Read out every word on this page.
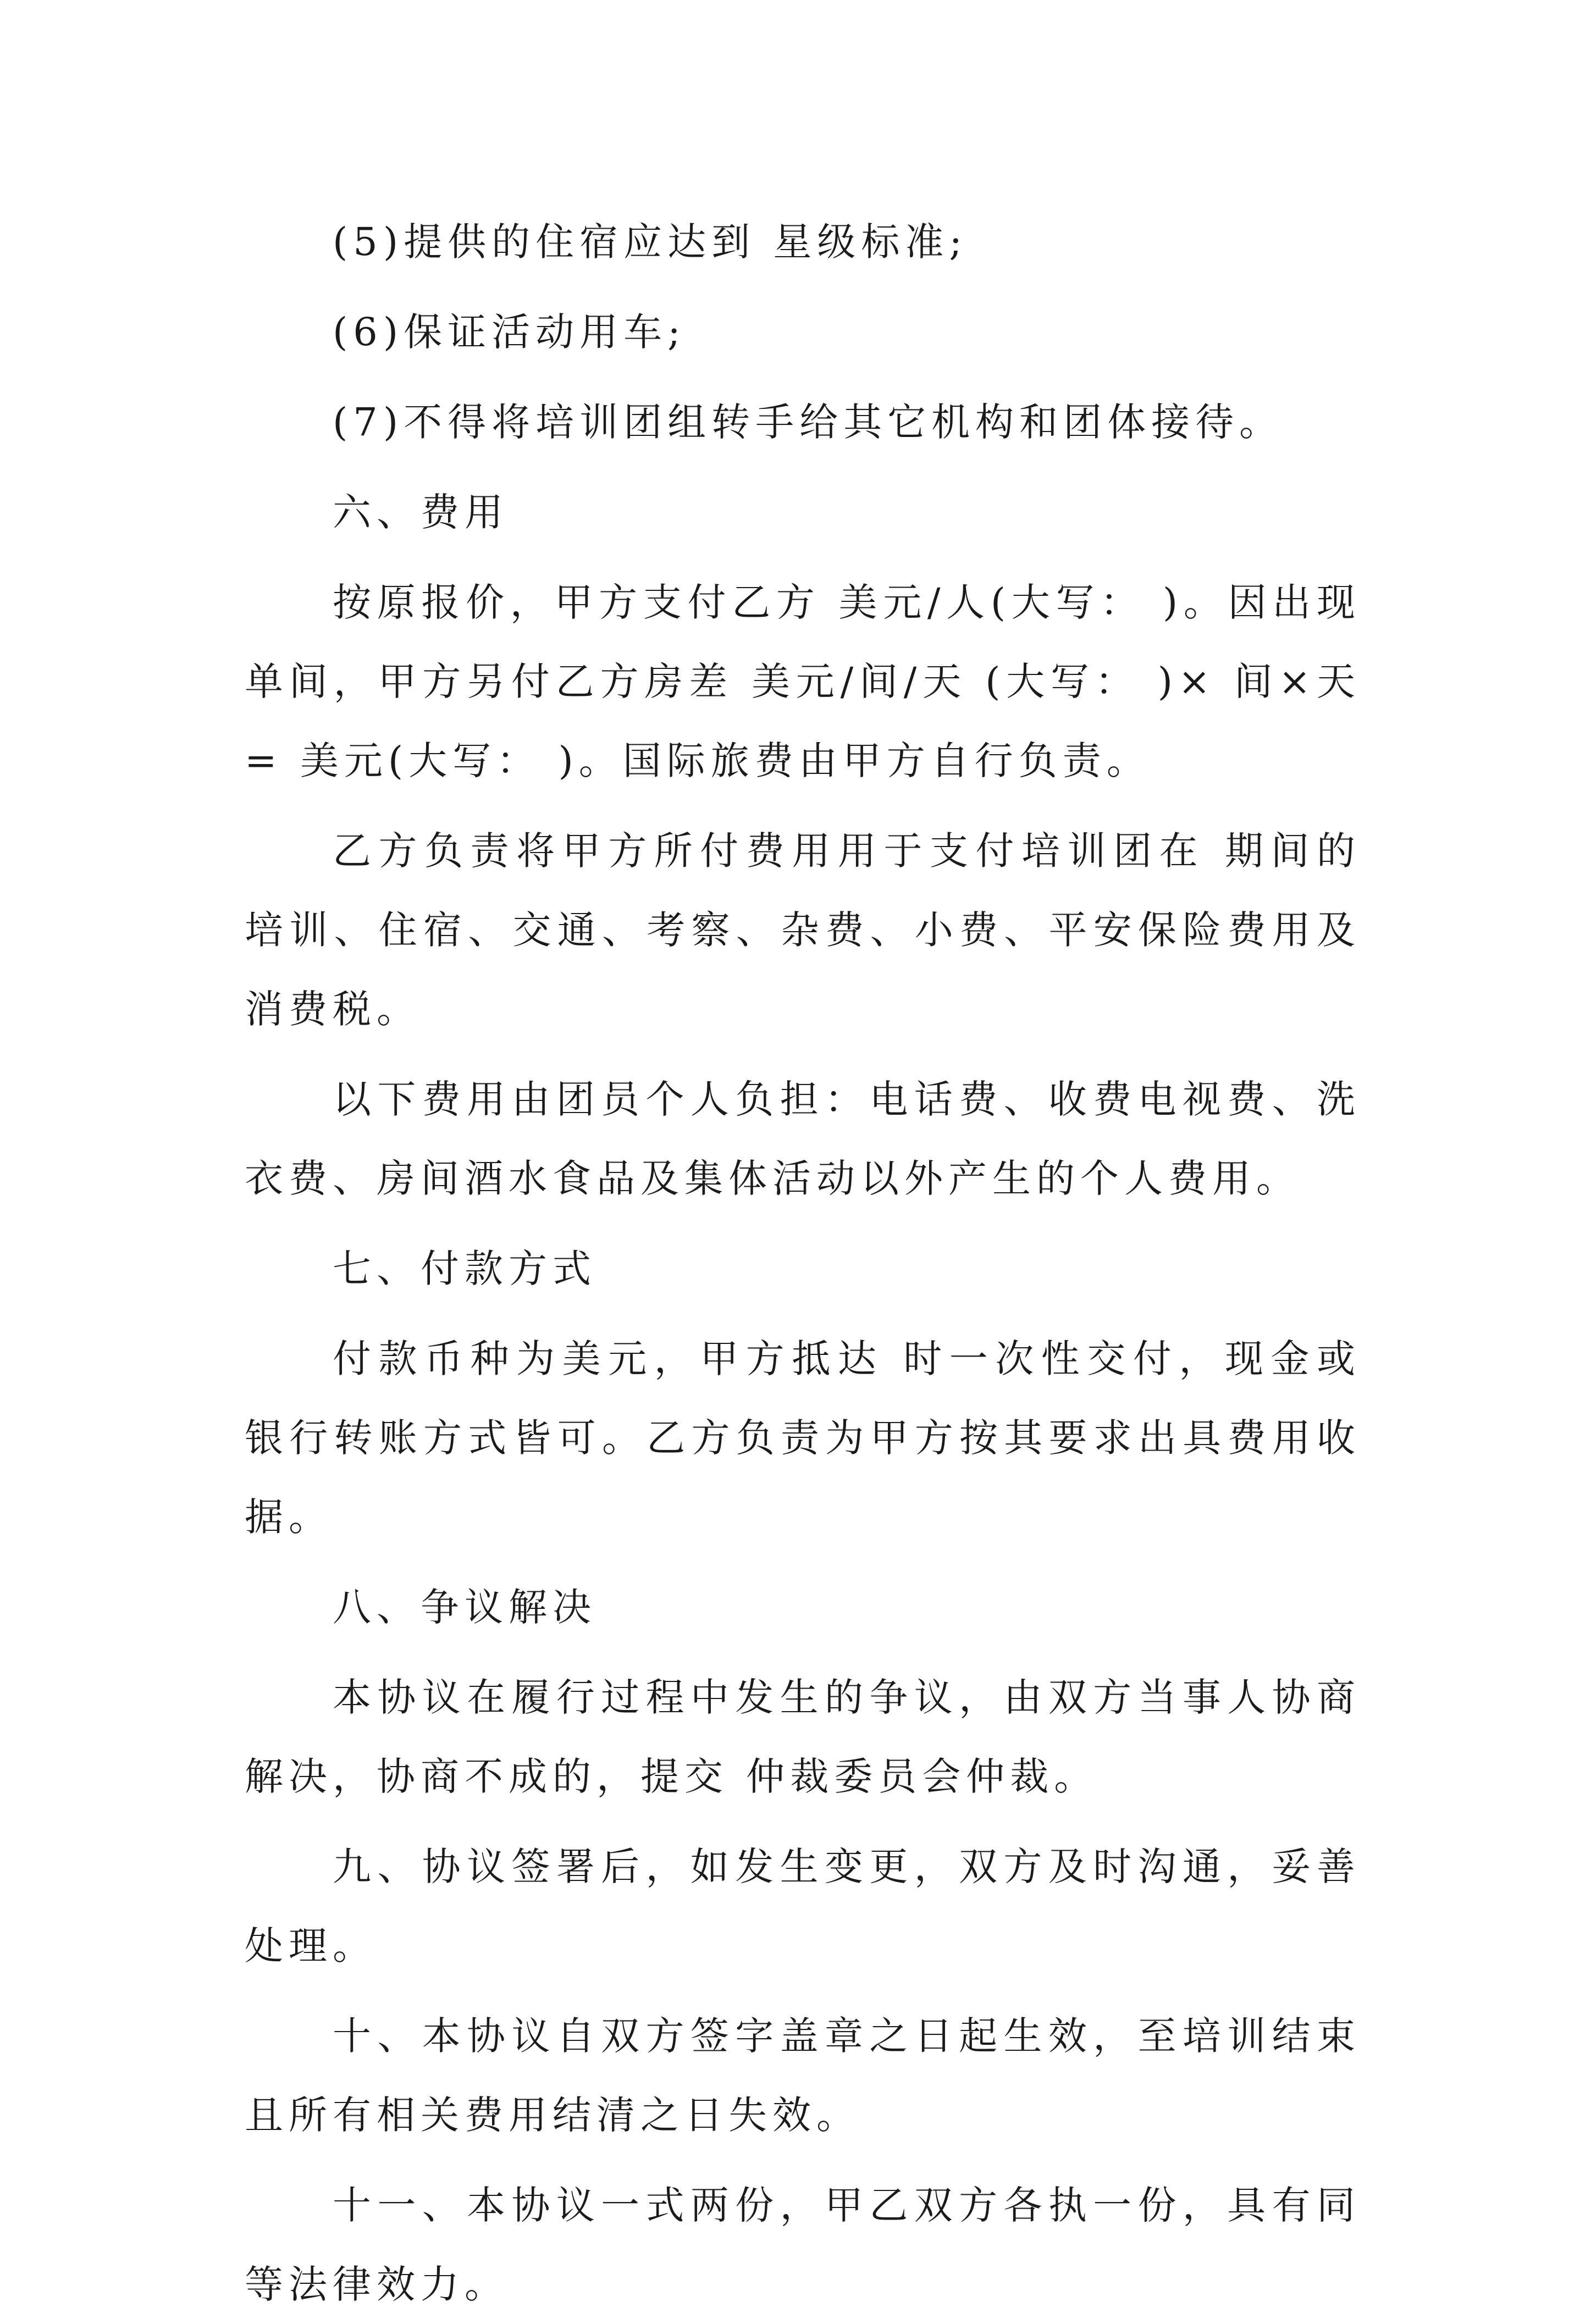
(5)提供的住宿应达到 星级标准;

(6)保证活动用车;

(7)不得将培训团组转手给其它机构和团体接待。

六、费用

按原报价，甲方支付乙方 美元/人(大写： )。因出现单间，甲方另付乙方房差 美元/间/天 (大写： )× 间×天= 美元(大写： )。国际旅费由甲方自行负责。

乙方负责将甲方所付费用用于支付培训团在 期间的培训、住宿、交通、考察、杂费、小费、平安保险费用及消费税。

以下费用由团员个人负担：电话费、收费电视费、洗衣费、房间酒水食品及集体活动以外产生的个人费用。

七、付款方式

付款币种为美元，甲方抵达 时一次性交付，现金或银行转账方式皆可。乙方负责为甲方按其要求出具费用收据。

八、争议解决

本协议在履行过程中发生的争议，由双方当事人协商解决，协商不成的，提交 仲裁委员会仲裁。

九、协议签署后，如发生变更，双方及时沟通，妥善处理。

十、本协议自双方签字盖章之日起生效，至培训结束且所有相关费用结清之日失效。

十一、本协议一式两份，甲乙双方各执一份，具有同等法律效力。
